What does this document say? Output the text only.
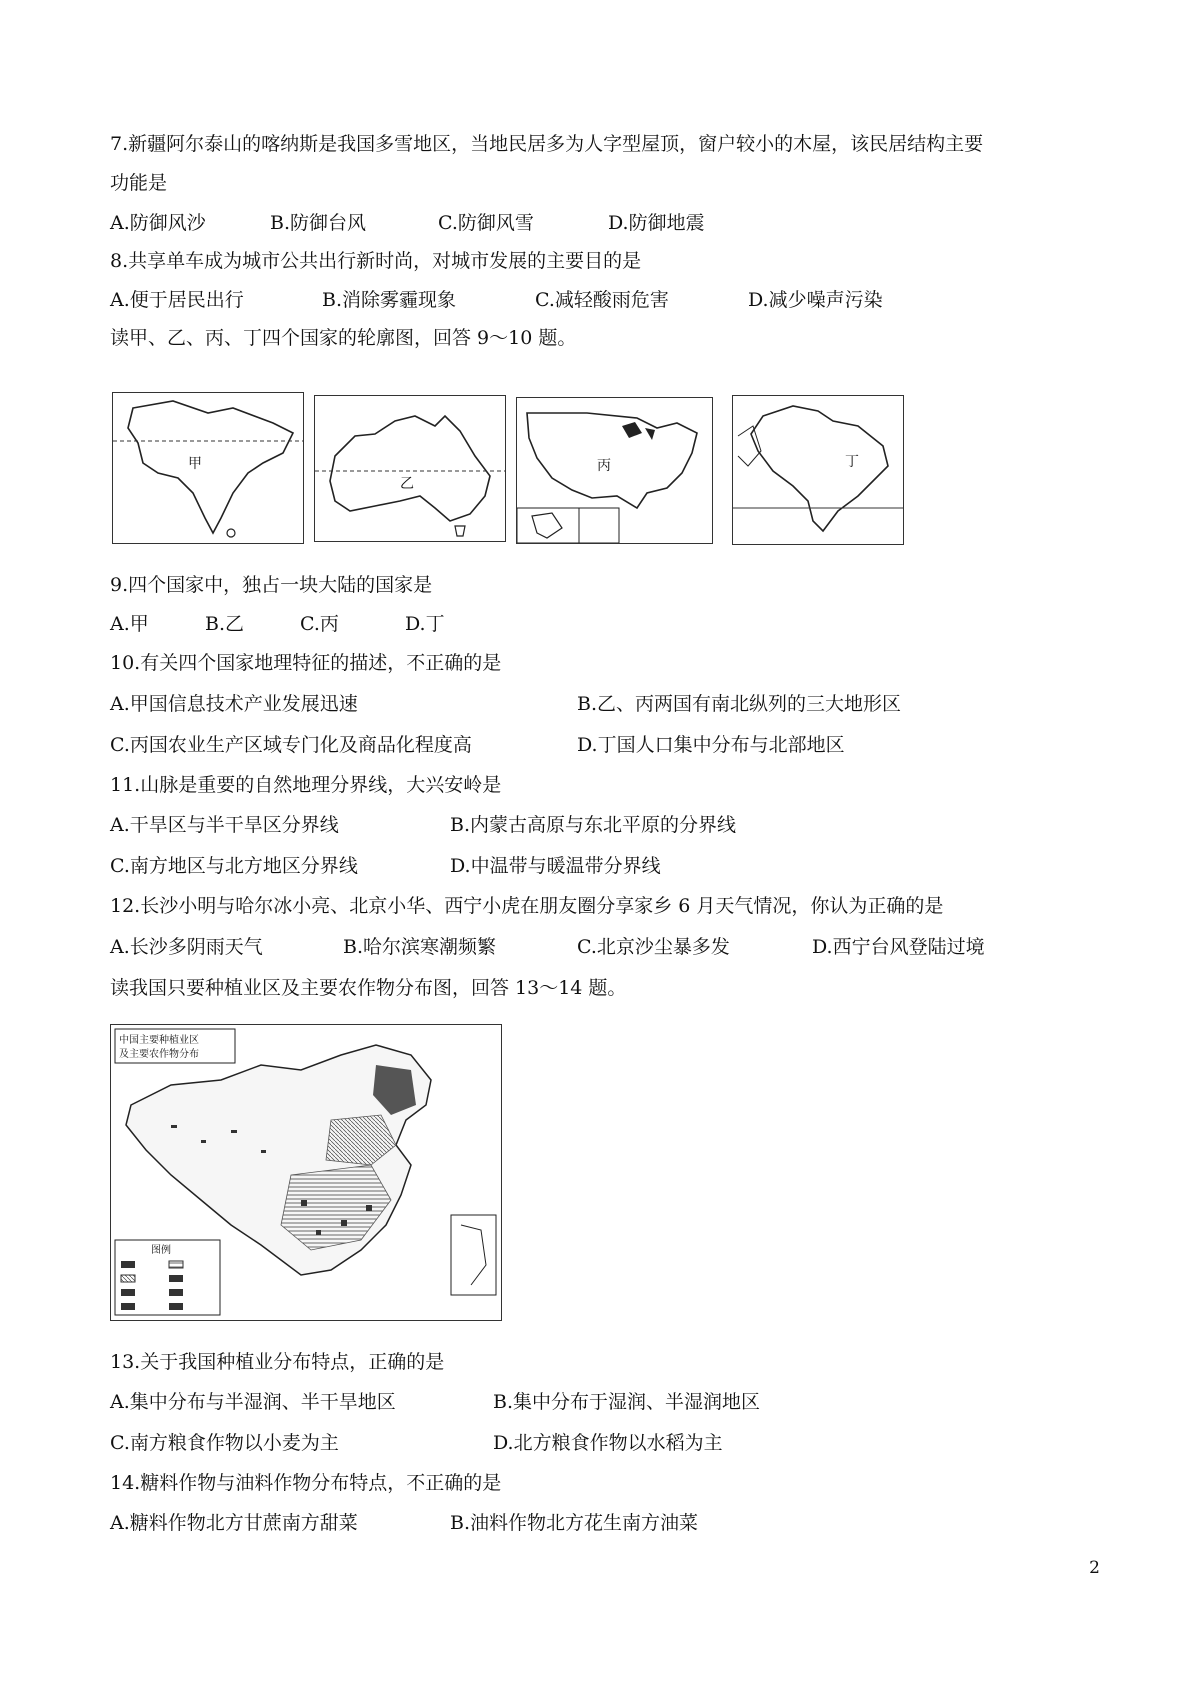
7.新疆阿尔泰山的喀纳斯是我国多雪地区，当地民居多为人字型屋顶，窗户较小的木屋，该民居结构主要
功能是
A.防御风沙	B.防御台风	C.防御风雪	D.防御地震
8.共享单车成为城市公共出行新时尚，对城市发展的主要目的是
A.便于居民出行	B.消除雾霾现象	C.减轻酸雨危害	D.减少噪声污染
读甲、乙、丙、丁四个国家的轮廓图，回答 9～10 题。
甲
乙
丙	丁
9.四个国家中，独占一块大陆的国家是
A.甲	B.乙	C.丙	D.丁
10.有关四个国家地理特征的描述，不正确的是
A.甲国信息技术产业发展迅速	B.乙、丙两国有南北纵列的三大地形区
C.丙国农业生产区域专门化及商品化程度高	D.丁国人口集中分布与北部地区
11.山脉是重要的自然地理分界线，大兴安岭是
A.干旱区与半干旱区分界线	B.内蒙古高原与东北平原的分界线
C.南方地区与北方地区分界线	D.中温带与暖温带分界线
12.长沙小明与哈尔冰小亮、北京小华、西宁小虎在朋友圈分享家乡 6 月天气情况，你认为正确的是
A.长沙多阴雨天气	B.哈尔滨寒潮频繁	C.北京沙尘暴多发	D.西宁台风登陆过境
读我国只要种植业区及主要农作物分布图，回答 13～14 题。
中国主要种植业区
及主要农作物分布
图例
13.关于我国种植业分布特点，正确的是
A.集中分布与半湿润、半干旱地区	B.集中分布于湿润、半湿润地区
C.南方粮食作物以小麦为主	D.北方粮食作物以水稻为主
14.糖料作物与油料作物分布特点，不正确的是
A.糖料作物北方甘蔗南方甜菜	B.油料作物北方花生南方油菜
2
